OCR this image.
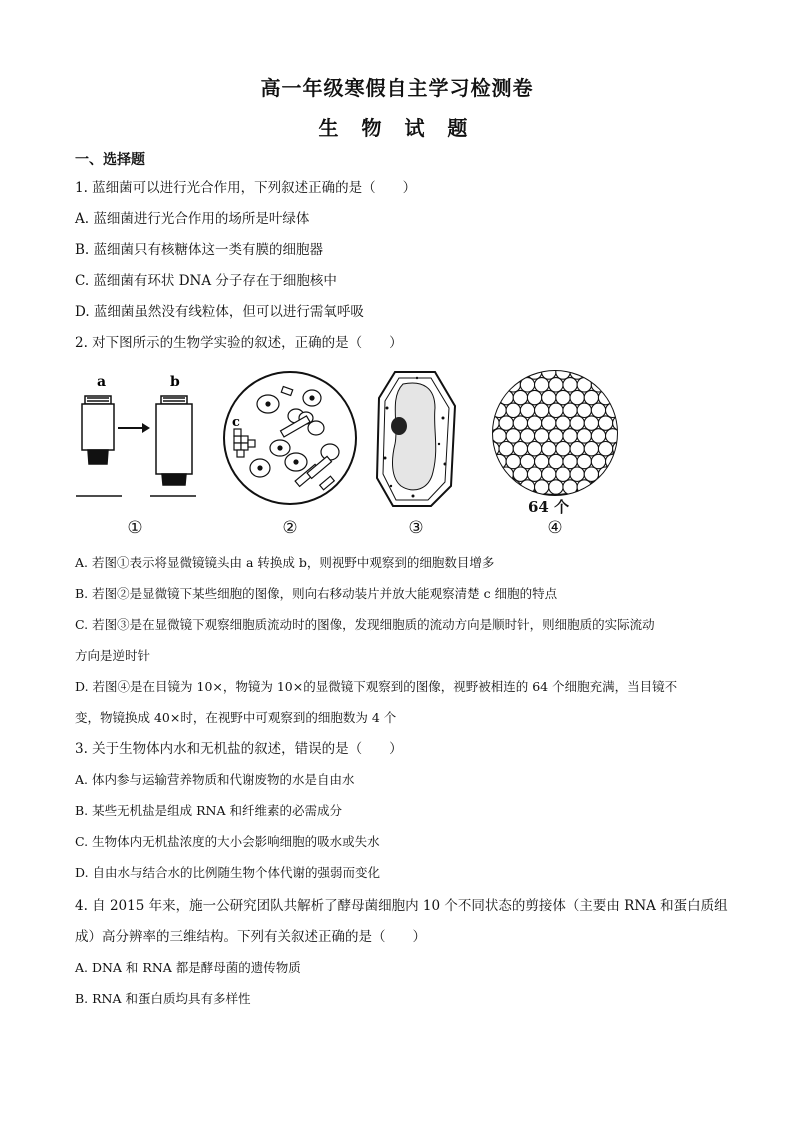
高一年级寒假自主学习检测卷
生 物 试 题
一、选择题
1. 蓝细菌可以进行光合作用，下列叙述正确的是（　　）
A. 蓝细菌进行光合作用的场所是叶绿体
B. 蓝细菌只有核糖体这一类有膜的细胞器
C. 蓝细菌有环状 DNA 分子存在于细胞核中
D. 蓝细菌虽然没有线粒体，但可以进行需氧呼吸
2. 对下图所示的生物学实验的叙述，正确的是（　　）
a	b
①
c
②	③
64 个
④
A. 若图①表示将显微镜镜头由 a 转换成 b，则视野中观察到的细胞数目增多
B. 若图②是显微镜下某些细胞的图像，则向右移动装片并放大能观察清楚 c 细胞的特点
C. 若图③是在显微镜下观察细胞质流动时的图像，发现细胞质的流动方向是顺时针，则细胞质的实际流动
方向是逆时针
D. 若图④是在目镜为 10×，物镜为 10×的显微镜下观察到的图像，视野被相连的 64 个细胞充满，当目镜不
变，物镜换成 40×时，在视野中可观察到的细胞数为 4 个
3. 关于生物体内水和无机盐的叙述，错误的是（　　）
A. 体内参与运输营养物质和代谢废物的水是自由水
B. 某些无机盐是组成 RNA 和纤维素的必需成分
C. 生物体内无机盐浓度的大小会影响细胞的吸水或失水
D. 自由水与结合水的比例随生物个体代谢的强弱而变化
4. 自 2015 年来，施一公研究团队共解析了酵母菌细胞内 10 个不同状态的剪接体（主要由 RNA 和蛋白质组
成）高分辨率的三维结构。下列有关叙述正确的是（　　）
A. DNA 和 RNA 都是酵母菌的遗传物质
B. RNA 和蛋白质均具有多样性
